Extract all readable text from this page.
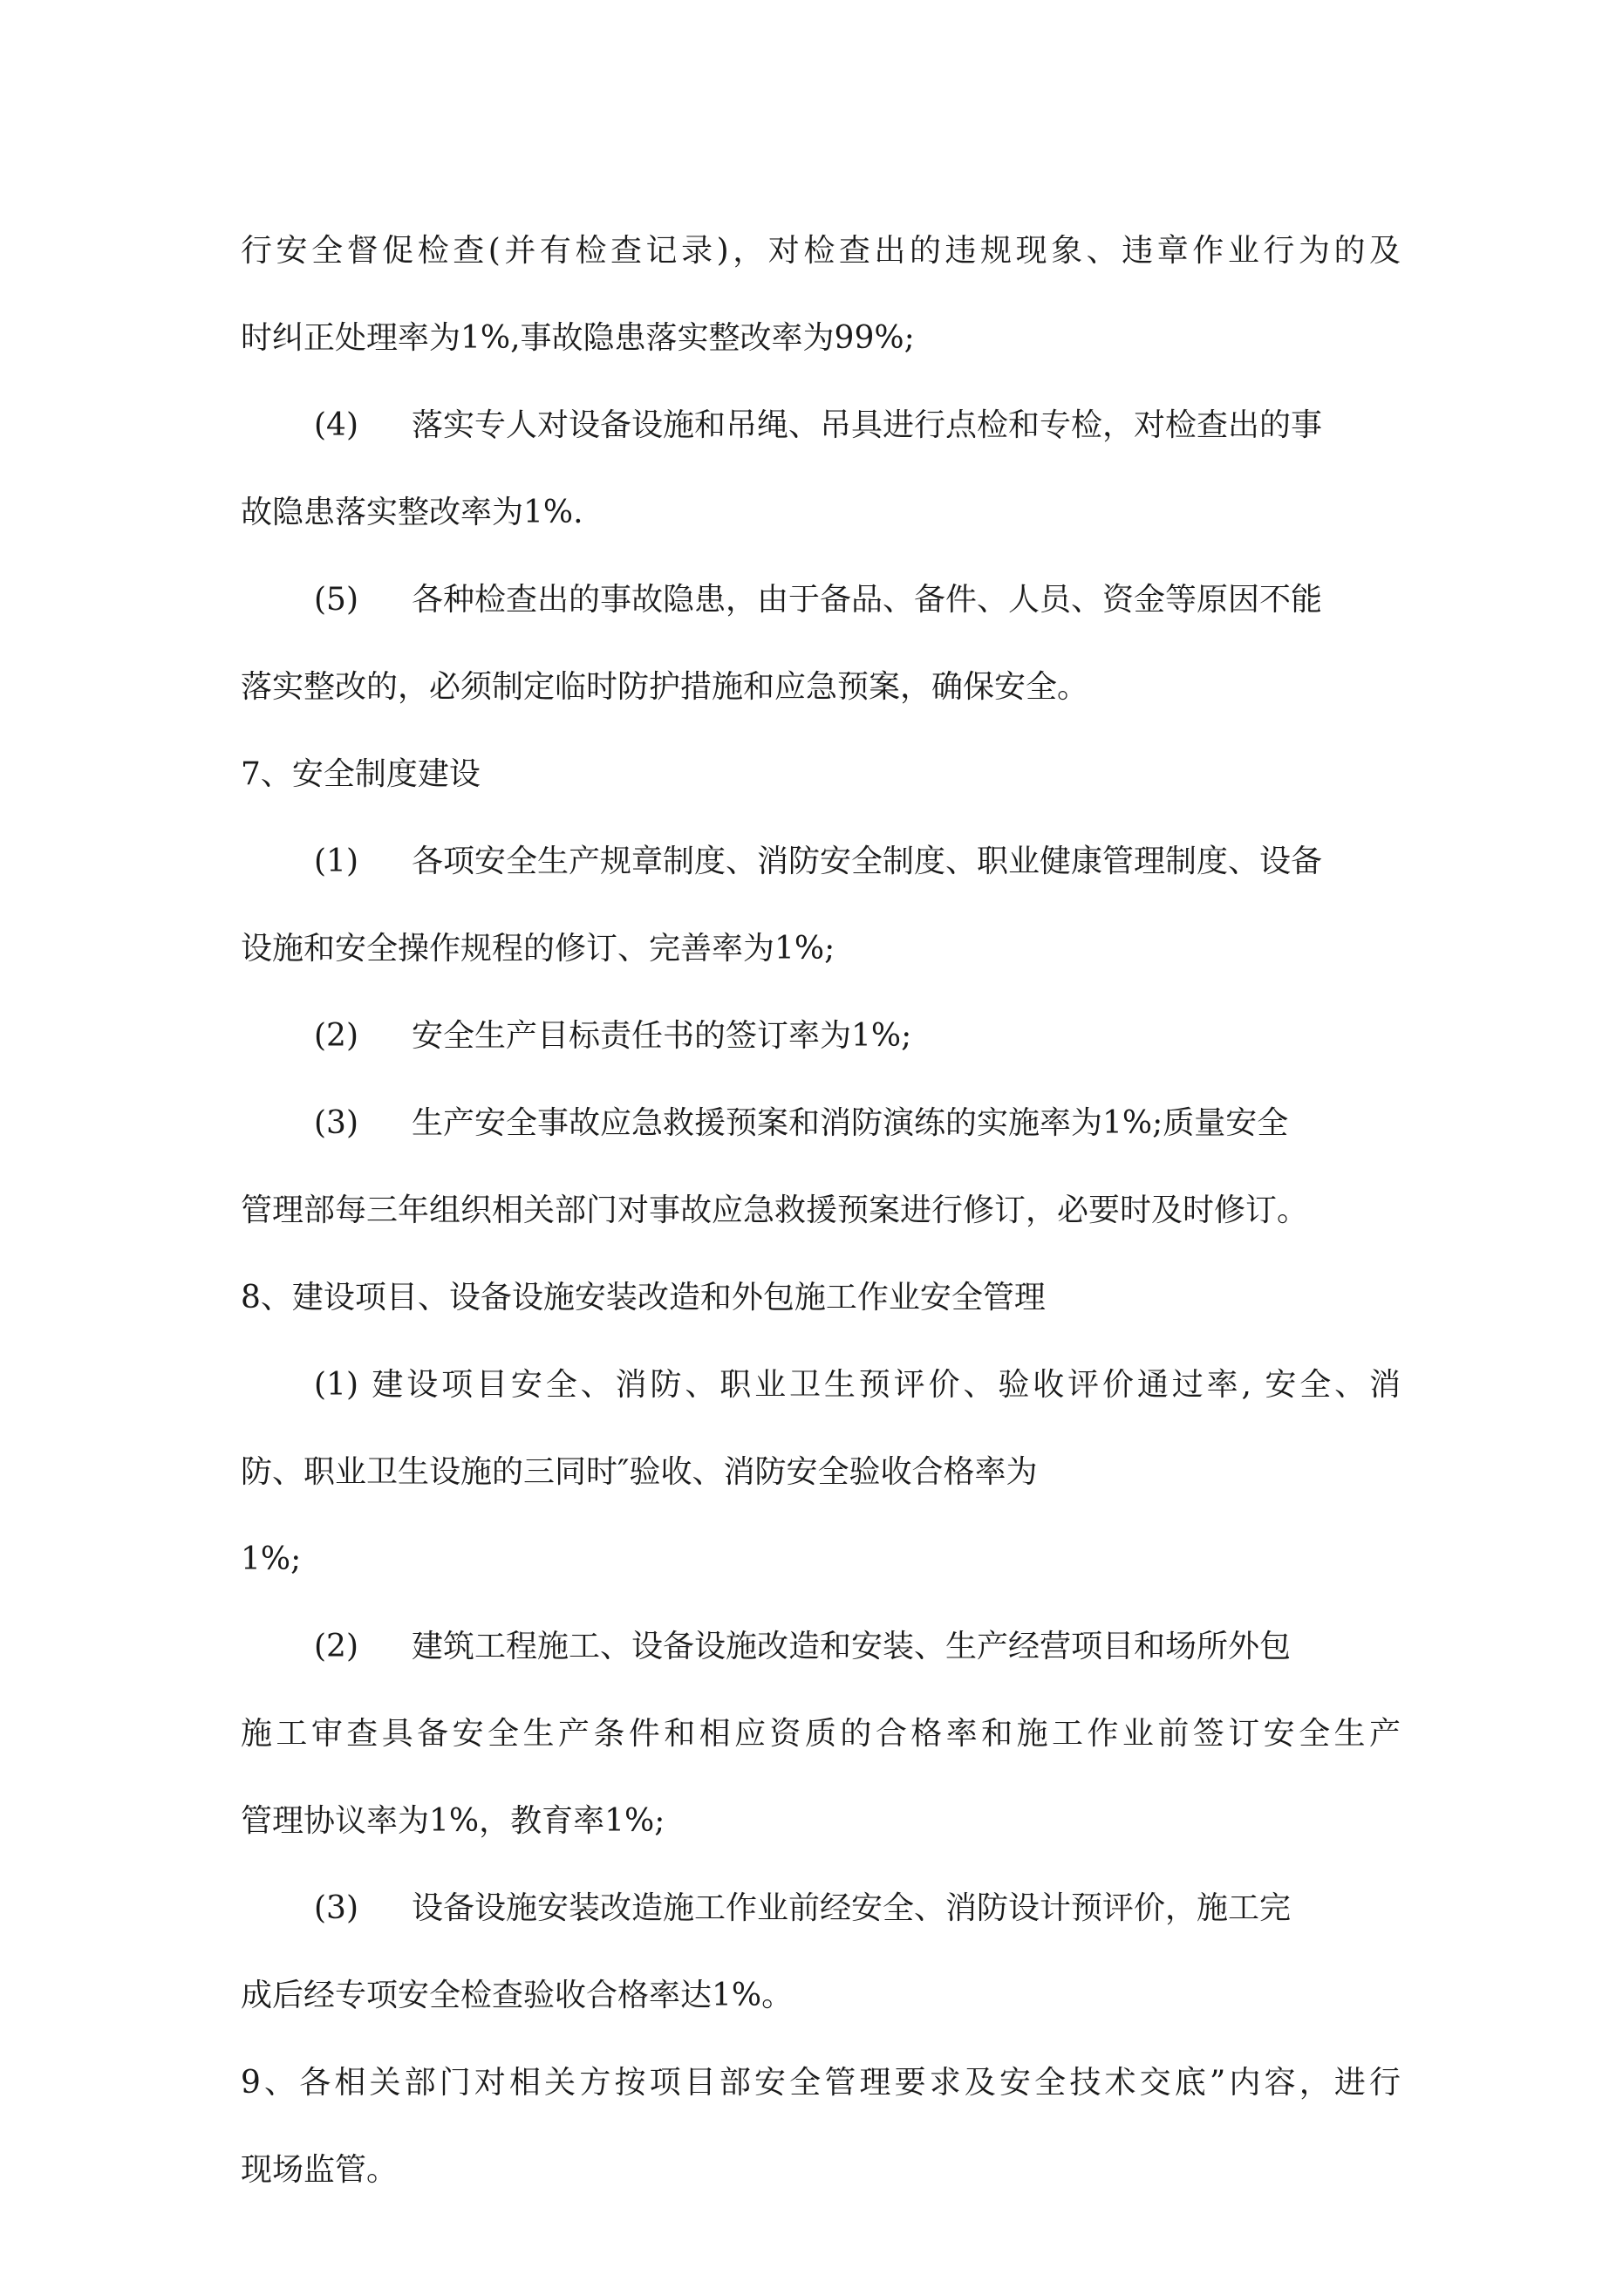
行安全督促检查(并有检查记录)，对检查出的违规现象、违章作业行为的及
时纠正处理率为1%,事故隐患落实整改率为99%;
(4) 落实专人对设备设施和吊绳、吊具进行点检和专检，对检查出的事
故隐患落实整改率为1%.
(5) 各种检查出的事故隐患，由于备品、备件、人员、资金等原因不能
落实整改的，必须制定临时防护措施和应急预案，确保安全。
7、安全制度建设
(1) 各项安全生产规章制度、消防安全制度、职业健康管理制度、设备
设施和安全操作规程的修订、完善率为1%;
(2) 安全生产目标责任书的签订率为1%;
(3) 生产安全事故应急救援预案和消防演练的实施率为1%;质量安全
管理部每三年组织相关部门对事故应急救援预案进行修订，必要时及时修订。
8、建设项目、设备设施安装改造和外包施工作业安全管理
(1) 建设项目安全、消防、职业卫生预评价、验收评价通过率, 安全、消
防、职业卫生设施的三同时″验收、消防安全验收合格率为
1%;
(2) 建筑工程施工、设备设施改造和安装、生产经营项目和场所外包
施工审查具备安全生产条件和相应资质的合格率和施工作业前签订安全生产
管理协议率为1%，教育率1%;
(3) 设备设施安装改造施工作业前经安全、消防设计预评价，施工完
成后经专项安全检查验收合格率达1%。
9、各相关部门对相关方按项目部安全管理要求及安全技术交底”内容，进行
现场监管。
